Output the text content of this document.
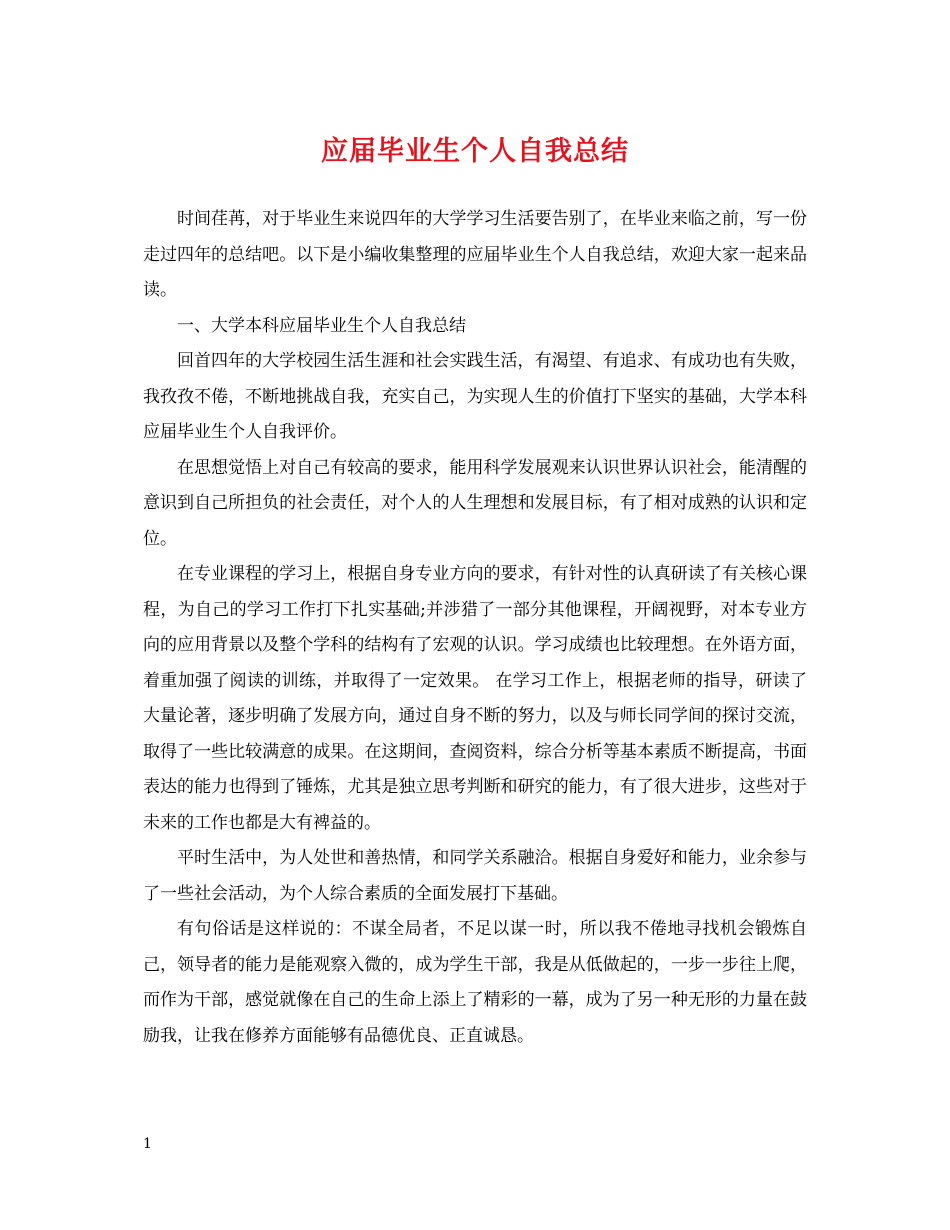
应届毕业生个人自我总结

时间荏苒，对于毕业生来说四年的大学学习生活要告别了，在毕业来临之前，写一份走过四年的总结吧。以下是小编收集整理的应届毕业生个人自我总结，欢迎大家一起来品读。

一、大学本科应届毕业生个人自我总结

回首四年的大学校园生活生涯和社会实践生活，有渴望、有追求、有成功也有失败，我孜孜不倦，不断地挑战自我，充实自己，为实现人生的价值打下坚实的基础，大学本科应届毕业生个人自我评价。

在思想觉悟上对自己有较高的要求，能用科学发展观来认识世界认识社会，能清醒的意识到自己所担负的社会责任，对个人的人生理想和发展目标，有了相对成熟的认识和定位。

在专业课程的学习上，根据自身专业方向的要求，有针对性的认真研读了有关核心课程，为自己的学习工作打下扎实基础;并涉猎了一部分其他课程，开阔视野，对本专业方向的应用背景以及整个学科的结构有了宏观的认识。学习成绩也比较理想。在外语方面，着重加强了阅读的训练，并取得了一定效果。 在学习工作上，根据老师的指导，研读了大量论著，逐步明确了发展方向，通过自身不断的努力，以及与师长同学间的探讨交流，取得了一些比较满意的成果。在这期间，查阅资料，综合分析等基本素质不断提高，书面表达的能力也得到了锤炼，尤其是独立思考判断和研究的能力，有了很大进步，这些对于未来的工作也都是大有裨益的。

平时生活中，为人处世和善热情，和同学关系融洽。根据自身爱好和能力，业余参与了一些社会活动，为个人综合素质的全面发展打下基础。

有句俗话是这样说的：不谋全局者，不足以谋一时，所以我不倦地寻找机会锻炼自己，领导者的能力是能观察入微的，成为学生干部，我是从低做起的，一步一步往上爬，而作为干部，感觉就像在自己的生命上添上了精彩的一幕，成为了另一种无形的力量在鼓励我，让我在修养方面能够有品德优良、正直诚恳。

1
